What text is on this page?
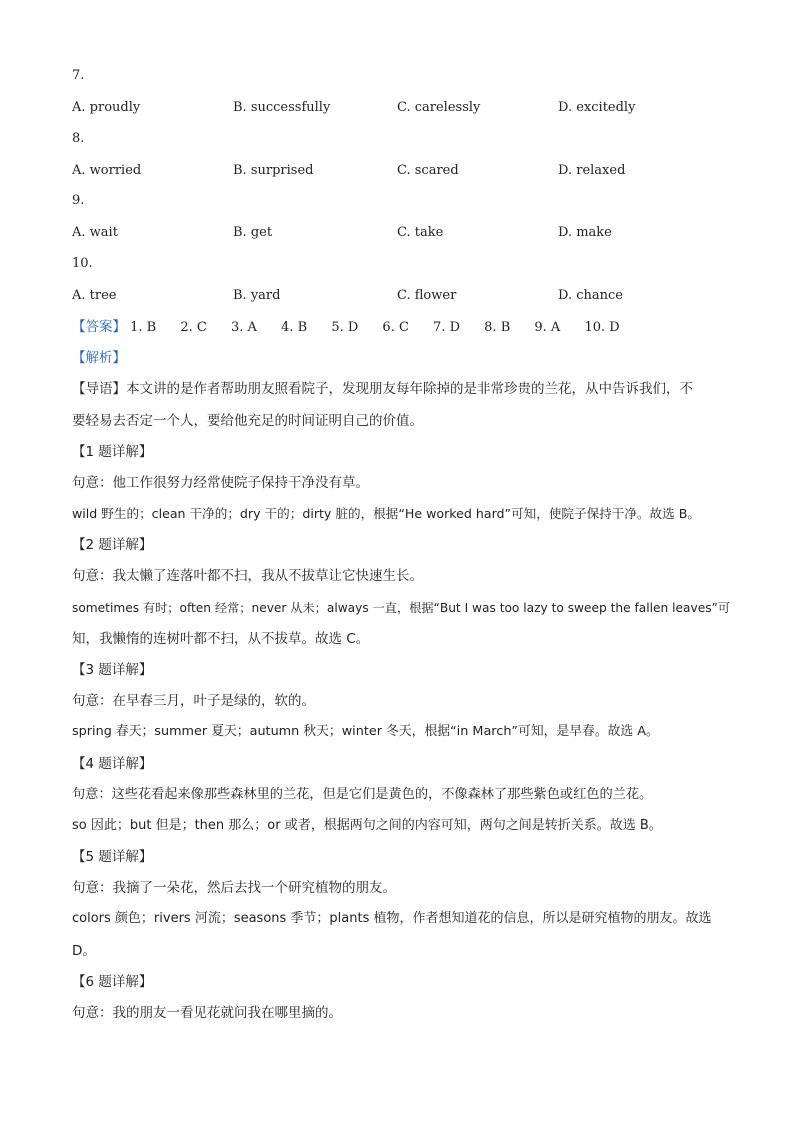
7.
A. proudly	B. successfully	C. carelessly	D. excitedly
8.
A. worried	B. surprised	C. scared	D. relaxed
9.
A. wait	B. get	C. take	D. make
10.
A. tree	B. yard	C. flower	D. chance
【答案】 1. B 2. C 3. A 4. B 5. D 6. C 7. D 8. B 9. A 10. D
【解析】
【导语】本文讲的是作者帮助朋友照看院子，发现朋友每年除掉的是非常珍贵的兰花，从中告诉我们，不
要轻易去否定一个人，要给他充足的时间证明自己的价值。
【1 题详解】
句意：他工作很努力经常使院子保持干净没有草。
wild 野生的；clean 干净的；dry 干的；dirty 脏的，根据“He worked hard”可知，使院子保持干净。故选 B。
【2 题详解】
句意：我太懒了连落叶都不扫，我从不拔草让它快速生长。
sometimes 有时；often 经常；never 从未；always 一直，根据“But I was too lazy to sweep the fallen leaves”可
知，我懒惰的连树叶都不扫，从不拔草。故选 C。
【3 题详解】
句意：在早春三月，叶子是绿的，软的。
spring 春天；summer 夏天；autumn 秋天；winter 冬天，根据“in March”可知，是早春。故选 A。
【4 题详解】
句意：这些花看起来像那些森林里的兰花，但是它们是黄色的，不像森林了那些紫色或红色的兰花。
so 因此；but 但是；then 那么；or 或者，根据两句之间的内容可知，两句之间是转折关系。故选 B。
【5 题详解】
句意：我摘了一朵花，然后去找一个研究植物的朋友。
colors 颜色；rivers 河流；seasons 季节；plants 植物，作者想知道花的信息，所以是研究植物的朋友。故选
D。
【6 题详解】
句意：我的朋友一看见花就问我在哪里摘的。
